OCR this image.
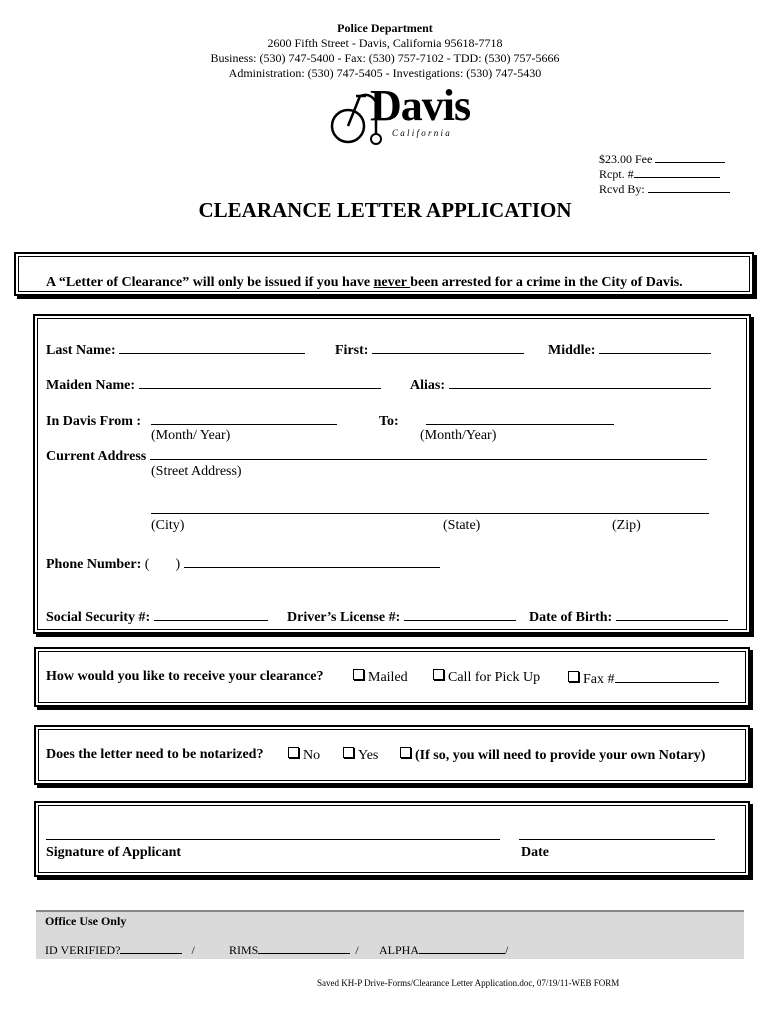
Police Department
2600 Fifth Street - Davis, California 95618-7718
Business: (530) 747-5400 - Fax: (530) 757-7102 - TDD: (530) 757-5666
Administration: (530) 747-5405 - Investigations: (530) 747-5430
Davis
C a l i f o r n i a
$23.00 Fee
Rcpt. #
Rcvd By:
CLEARANCE LETTER APPLICATION
A “Letter of Clearance” will only be issued if you have never been arrested for a crime in the City of Davis.
Last Name:	First:	Middle:
Maiden Name:	Alias:
In Davis From :	To:
(Month/ Year)	(Month/Year)
Current Address
(Street Address)
(City)	(State)	(Zip)
Phone Number: ( )
Social Security #:	Driver’s License #:	Date of Birth:
How would you like to receive your clearance?	Mailed	Call for Pick Up	Fax #
Does the letter need to be notarized?	No	Yes	(If so, you will need to provide your own Notary)
Signature of Applicant	Date
Office Use Only
ID VERIFIED?	/	RIMS	/ ALPHA	/
Saved KH-P Drive-Forms/Clearance Letter Application.doc, 07/19/11-WEB FORM
